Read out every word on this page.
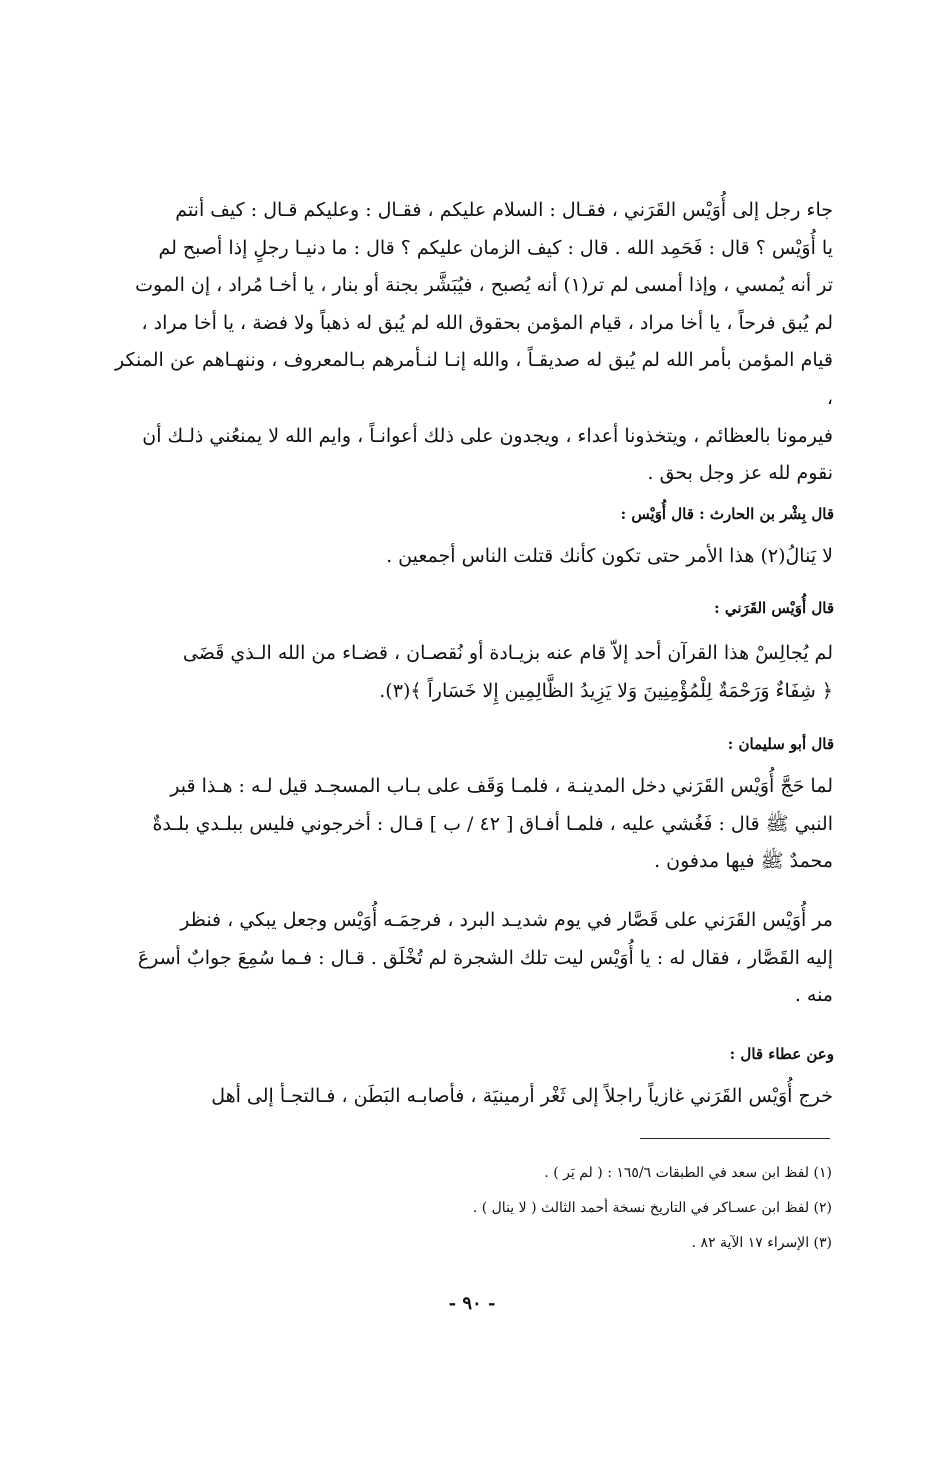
جاء رجل إلى أُوَيْس القَرَني ، فقـال : السلام عليكم ، فقـال : وعليكم قـال : كيف أنتم

يا أُوَيْس ؟ قال : فَحَمِد الله . قال : كيف الزمان عليكم ؟ قال : ما دنيـا رجلٍ إذا أصبح لم

تر أنه يُمسي ، وإذا أمسى لم تر(١) أنه يُصبح ، فيُبَشَّر بجنة أو بنار ، يا أخـا مُراد ، إن الموت

لم يُبق فرحاً ، يا أخا مراد ، قيام المؤمن بحقوق الله لم يُبق له ذهباً ولا فضة ، يا أخا مراد ،

قيام المؤمن بأمر الله لم يُبق له صديقـاً ، والله إنـا لنـأمرهم بـالمعروف ، وننهـاهم عن المنكر ،

فيرمونا بالعظائم ، ويتخذونا أعداء ، ويجدون على ذلك أعوانـاً ، وايم الله لا يمنعُني ذلـك أن

نقوم لله عز وجل بحق .

قال بِشْر بن الحارث : قال أُوَيْس :

لا يَنالُ(٢) هذا الأمر حتى تكون كأنك قتلت الناس أجمعين .

قال أُوَيْس القَرَني :

لم يُجالِسْ هذا القرآن أحد إلاّ قام عنه بزيـادة أو نُقصـان ، قضـاء من الله الـذي قَضَى

﴿ شِفَاءٌ وَرَحْمَةٌ لِلْمُؤْمِنِينَ وَلا يَزِيدُ الظَّالِمِين إِلا خَسَاراً ﴾(٣).

قال أبو سليمان :

لما حَجَّ أُوَيْس القَرَني دخل المدينـة ، فلمـا وَقَف على بـاب المسجـد قيل لـه : هـذا قبر

النبي ﷺ قال : فَغُشي عليه ، فلمـا أفـاق [ ٤٢ / ب ] قـال : أخرجوني فليس ببلـدي بلـدةٌ

محمدٌ ﷺ فيها مدفون .

مر أُوَيْس القَرَني على قَصَّار في يوم شديـد البرد ، فرحِمَـه أُوَيْس وجعل يبكي ، فنظر

إليه القَصَّار ، فقال له : يا أُوَيْس ليت تلك الشجرة لم تُخْلَق . قـال : فـما سُمِعَ جوابٌ أسرعَ

منه .

وعن عطاء قال :

خرج أُوَيْس القَرَني غازياً راجلاً إلى ثَغْر أرمينيَة ، فأصابـه البَطَن ، فـالتجـأ إلى أهل

(١) لفظ ابن سعد في الطبقات ١٦٥/٦ : ( لم يَر ) .
(٢) لفظ ابن عسـاكر في التاريخ نسخة أحمد الثالث ( لا ينال ) .
(٣) الإسراء ١٧ الآية ٨٢ .
- ٩٠ -
